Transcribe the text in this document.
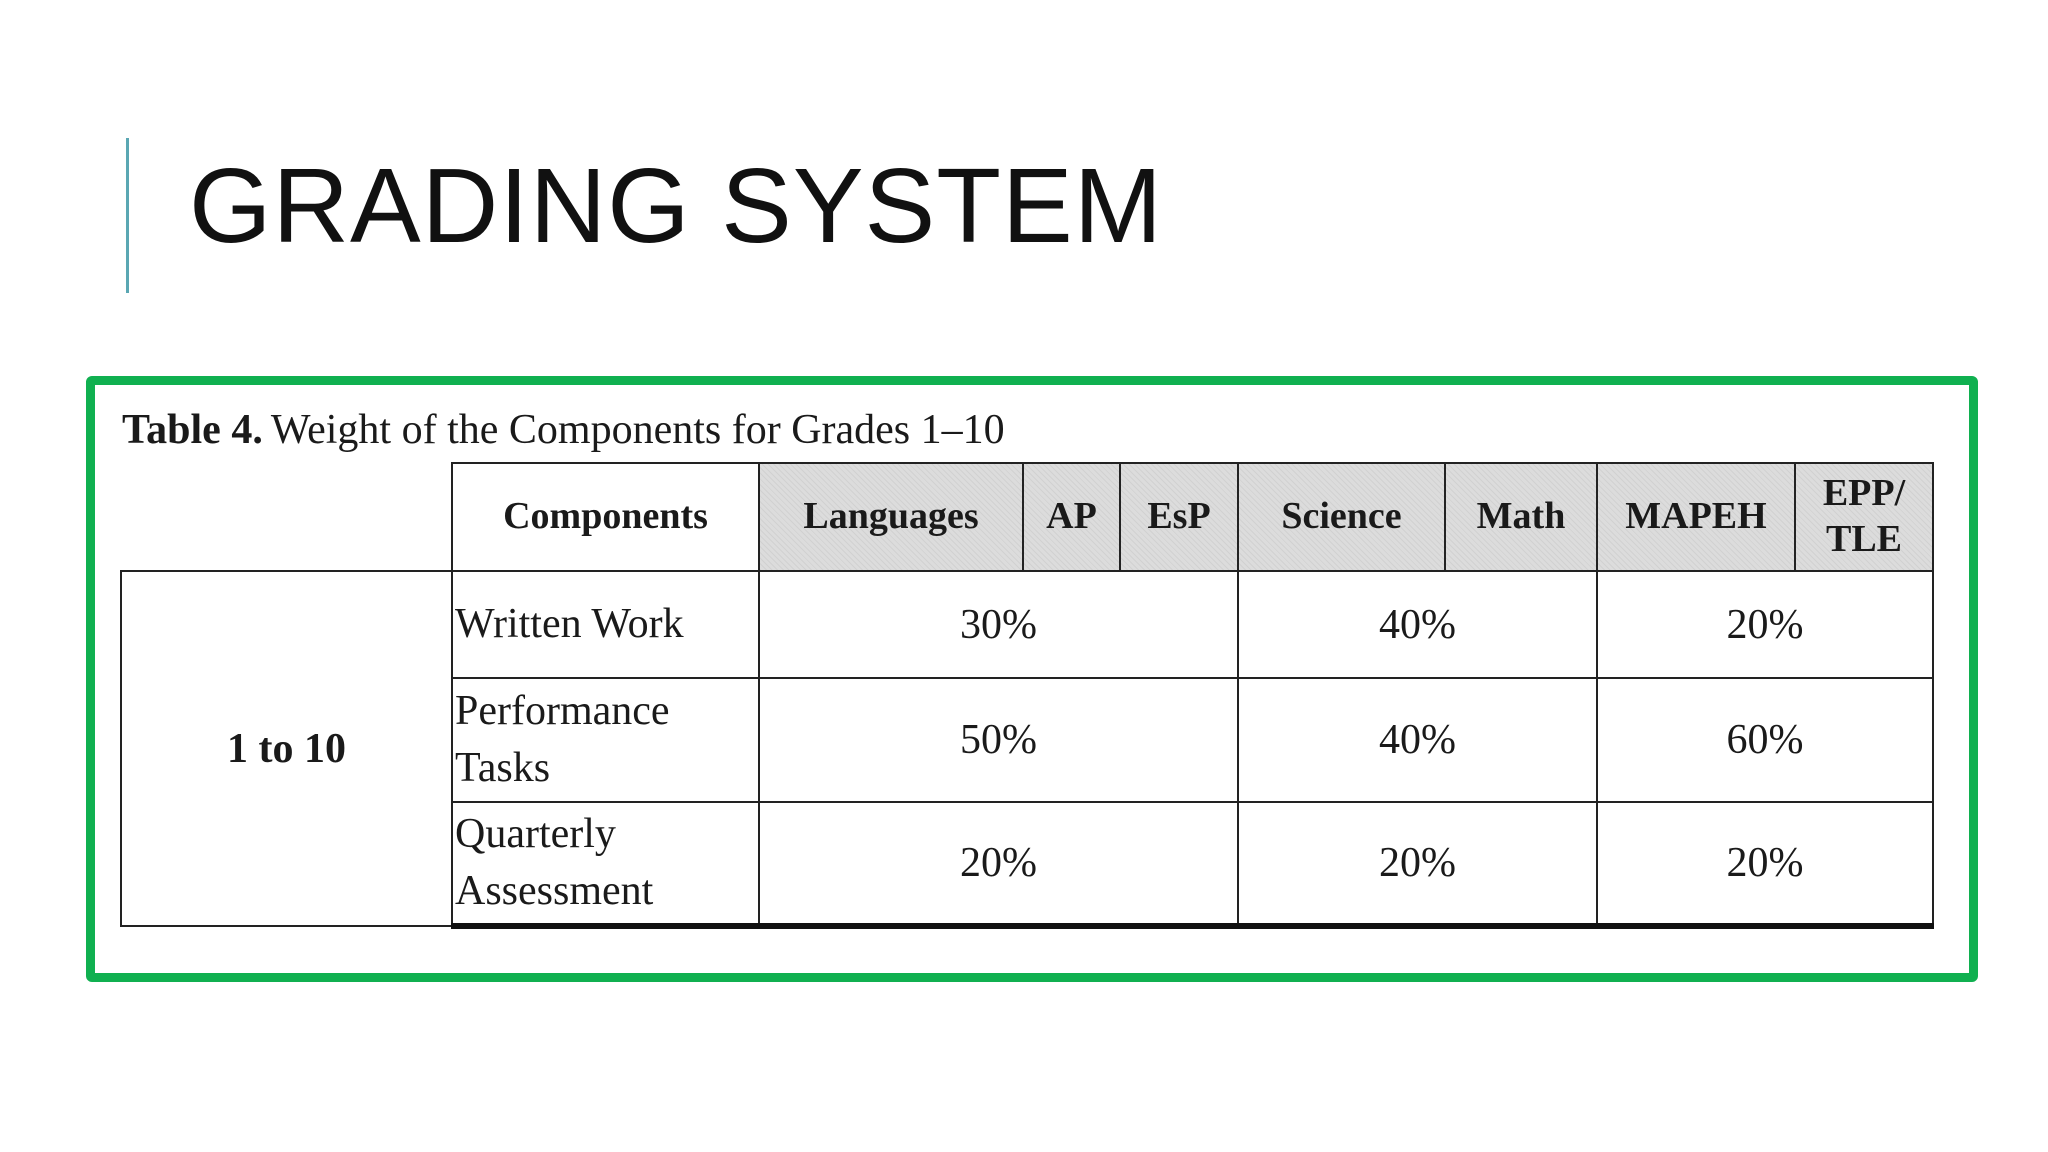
GRADING SYSTEM
Table 4. Weight of the Components for Grades 1–10
	Components	Languages	AP	EsP	Science	Math	MAPEH	EPP/ TLE
1 to 10	Written Work	30%			40%		20%	
	Performance Tasks	50%			40%		60%	
	Quarterly Assessment	20%			20%		20%	
